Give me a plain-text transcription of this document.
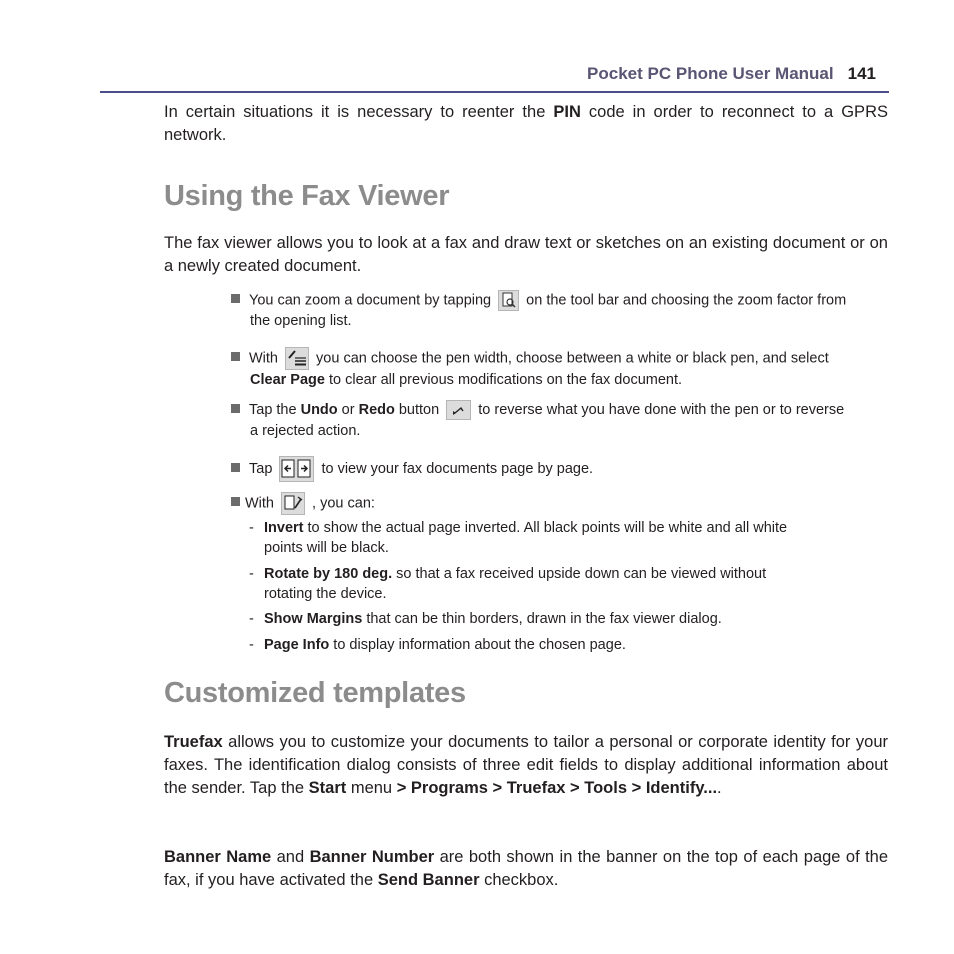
Pocket PC Phone User Manual 141
In certain situations it is necessary to reenter the PIN code in order to reconnect to a GPRS network.
Using the Fax Viewer
The fax viewer allows you to look at a fax and draw text or sketches on an existing document or on a newly created document.
You can zoom a document by tapping  on the tool bar and choosing the zoom factor from
the opening list.
With  you can choose the pen width, choose between a white or black pen, and select
Clear Page to clear all previous modifications on the fax document.
Tap the Undo or Redo button  to reverse what you have done with the pen or to reverse
a rejected action.
Tap	to view your fax documents page by page.
With  , you can:
- Invert to show the actual page inverted. All black points will be white and all white
points will be black.
- Rotate by 180 deg. so that a fax received upside down can be viewed without
rotating the device.
- Show Margins that can be thin borders, drawn in the fax viewer dialog.
- Page Info to display information about the chosen page.
Customized templates
Truefax allows you to customize your documents to tailor a personal or corporate identity for your faxes. The identification dialog consists of three edit fields to display additional information about the sender. Tap the Start menu > Programs > Truefax > Tools > Identify....
Banner Name and Banner Number are both shown in the banner on the top of each page of the fax, if you have activated the Send Banner checkbox.
